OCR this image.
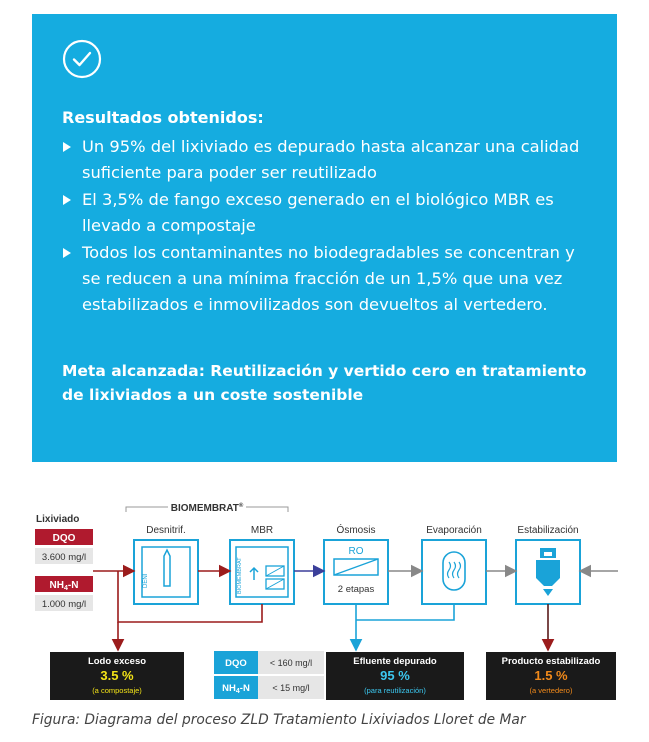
Resultados obtenidos:
Un 95% del lixiviado es depurado hasta alcanzar una calidad suficiente para poder ser reutilizado
El 3,5% de fango exceso generado en el biológico MBR es llevado a compostaje
Todos los contaminantes no biodegradables se concentran y se reducen a una mínima fracción de un 1,5% que una vez estabilizados e inmovilizados son devueltos al vertedero.
Meta alcanzada: Reutilización y vertido cero en tratamiento de lixiviados a un coste sostenible
Lixiviado
DQO
3.600 mg/l
$NH_4-N$
1.000 mg/l
BIOMEMBRAT®
Desnitrif.	MBR	Ósmosis	Evaporación	Estabilización
DENI	BIOMEMBRAT
RO
2 etapas
Lodo exceso
3.5 %
(a compostaje)
DQO	< 160 mg/l
$NH_4-N$	< 15 mg/l
Efluente depurado
95 %
(para reutilización)
Producto estabilizado
1.5 %
(a vertedero)
Figura: Diagrama del proceso ZLD Tratamiento Lixiviados Lloret de Mar
